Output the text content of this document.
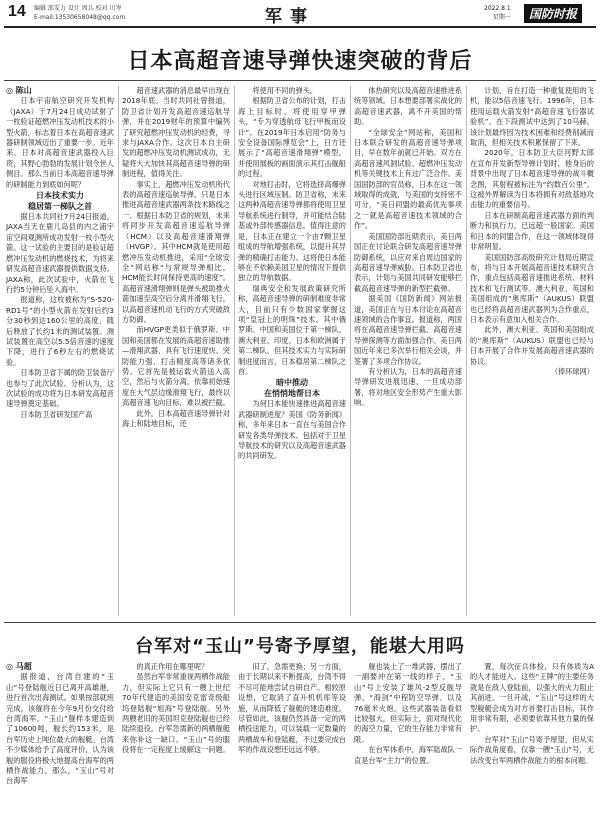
14 编辑 邵雯力 设计 周兵 校对 川岑
E-mail:13530658048@qq.com	军事	2022.8.1
星期一	国防时报
日本高超音速导弹快速突破的背后

◎ 陈山

日本宇宙航空研究开发机构（JAXA）于7月24日成功试射了一枚验证超燃冲压发动机技术的小型火箭，标志着日本在高超音速武器研制领域迈出了重要一步。近年来，日本对高超音速武器投入巨资，其野心勃勃的发展计划令世人侧目。那么当前日本高超音速导弹的研制能力到底如何呢？

日本技术实力
稳居第一梯队之首

据日本共同社7月24日报道，JAXA当天在鹿儿岛县的内之浦宇宙空间观测所成功发射一枚小型火箭。这一试验的主要目的是验证超燃冲压发动机的燃烧技术，为将来研发高超音速武器提供数据支持。JAXA称，此次试验中，火箭在飞行约5分钟后坠入海中。

报道称，这枚被称为“S-520-RD1号”的小型火箭在发射后约3分30秒到达160公里的高度，随后释放了长约1米的测试装置。测试装置在高空以5.5倍音速的速度下降，进行了6秒左右的燃烧试验。

日本防卫省下属的防卫装备厅也参与了此次试验。分析认为，这次试验的成功将为日本研发高超音速导弹奠定基础。

日本防卫省研发国产高

超音速武器的消息最早出现在2018年底。当时共同社曾报道，防卫省计划开发高超音速巡航导弹，并在2019财年的预算中编列了研究超燃冲压发动机的经费，寻求与JAXA合作。这次日本自主研发的超燃冲压发动机测试成功，无疑将大大加快其高超音速导弹的研制进程，值得关注。

事实上，超燃冲压发动机所代表的高超音速巡航导弹，只是日本推进高超音速武器两条技术路线之一。根据日本防卫省的规划，未来将同步开发高超音速巡航导弹（HCM）以及高超音速滑翔弹（HVGP）。其中HCM就是使用超燃冲压发动机推进，采用“全球安全”网站称“与常规导弹相比，HCM能长时间保持更高的速度”。高超音速滑翔弹则是弹头被助推火箭加速至高空后分离并滑翔飞行，以高超音速机动飞行的方式突破敌方防御。

而HVGP更类似于俄罗斯、中国和美国都在发展的高超音速助推—滑翔武器，具有飞行速度快、突防能力强、打击精度高等诸多优势。它首先是被运载火箭送入高空，然后与火箭分离，依靠初始速度在大气层边缘滑翔飞行，最终以高超音速飞向目标，难以被拦截。

此外，日本高超音速导弹针对海上和陆地目标，还

将使用不同的弹头。

根据防卫省公布的计划，打击海上目标时，将使用穿甲弹头，“专为穿透航母飞行甲板而设计”。在2019年日本启用“防务与安全设备国际博览会”上，日方还展示了“高超音速滑翔弹”模型，并使用展板的画面演示其打击舰船的过程。

对地打击时，它将选择高爆弹头进行区域压制。防卫省称，未来这两种高超音速导弹都将使用卫星导航系统进行制导，并可能结合陆基或外部传感器信息。值得注意的是，日本正在建立一个由7颗卫星组成的导航增强系统，以提升其导弹的精确打击能力。这将使日本能够在不依赖美国卫星的情况下提供独立的导航数据。

瑞典安全和发展政策研究所称，高超音速导弹的研制难度非常大，目前只有少数国家掌握这项“皇冠上的明珠”技术。其中俄罗斯、中国和美国位于第一梯队，澳大利亚、印度、日本和欧洲属于第二梯队。但其技术实力与实际研制进度而言，日本稳居第二梯队之首。

暗中推动
在悄悄地帮日本

为何日本能快速推进高超音速武器研制进度？美国《防务新闻》称，多年来日本一直在与美国合作研发各类导弹技术。包括对于卫星导航技术的研究以及高超音速武器的共同研发。

体热研究以及高超音速推进系统等领域。日本想要部署实战化的高超音速武器，离不开美国的帮助。

“全球安全”网站称，美国和日本联合研发的高超音速导弹项目，早在数年前就已开始。双方在高超音速风洞试验、超燃冲压发动机等关键技术上有过广泛合作。美国国防部的官员称，日本在这一领域取得的成就，与美国的支持密不可分，“美日同盟的最高优先事项之一就是高超音速技术领域的合作”。

美国国防部近期表示，美日两国正在讨论联合研发高超音速导弹防御系统，以应对来自周边国家的高超音速导弹威胁。日本防卫省也表示，计划与美国共同研发能够拦截高超音速导弹的新型拦截弹。

据美国《国防新闻》网站报道，美国正在与日本讨论在高超音速领域的合作事宜。报道称，两国将在高超音速导弹拦截、高超音速导弹探测等方面加强合作。美日两国近年来已多次举行相关会谈，并签署了多项合作协议。

有分析认为，日本的高超音速导弹研发进展迅速，一旦成功部署，将对地区安全形势产生重大影响。

计划，旨在打造一种重复使用的飞机，能以5倍音速飞行。1996年，日本使用运载火箭发射“高超音速飞行器试验机”，在下段测试中达到了10马赫。该计划最终因为技术困难和经费削减而取消，但相关技术积累保留了下来。

2020年，日本防卫大臣河野太郎在宣布开发新型导弹计划时，他身后的背景中出现了日本超音速导弹的战斗概念图，其射程被标注为“约数百公里”。这被外界解读为日本将拥有对敌基地攻击能力的重要信号。

日本在研制高超音速武器方面的判断力和执行力，已远超一般国家。美国和日本的同盟合作，在这一领域体现得非常明显。

美国国防部高级研究计划局近期宣布，将与日本开展高超音速技术研究合作，重点包括高超音速推进系统、材料技术和飞行测试等。澳大利亚、英国和美国组成的“奥库斯”（AUKUS）联盟也已经将高超音速武器列为合作重点，日本表示有意加入相关合作。

此外，澳大利亚、英国和美国组成的“奥库斯”（AUKUS）联盟也已经与日本开展了合作并发展高超音速武器的协议。

（捧环球网）

台军对“玉山”号寄予厚望，能堪大用吗

◎ 马超

据报道，台湾自建的“玉山”号登陆舰近日已离开高雄港，进行首次出海测试。如果按部就班完成，该舰将在今年9月份交付给台湾海军。“玉山”舰样本建造到了10600吨，舰长约153米，是台军历史上吨位最大的舰艇。台湾不少媒体给予了高度评价，认为该舰的服役将极大地提高台海军的两栖作战能力。那么，“玉山”号对台海军

的真正作用在哪里呢？

虽然台军非常重视两栖作战能力，但实际上它只有一艘上世纪70年代建造的美国安克雷奇级船坞登陆舰“旭海”号登陆舰。另外两艘老旧的美国坦克登陆舰也已经陆续退役。台军急需新的两栖舰艇来弥补这一缺口。“玉山”号的服役将在一定程度上缓解这一问题。

旧了，急需更换；另一方面，由于长期以来不断提高，台湾不得不尽可能地尝试自研自产。相较原设想，它取消了直升机机库等设施，从而降低了舰艇的建造难度。尽管如此，该舰仍然具备一定的两栖投送能力，可以装载一定数量的两栖战车和登陆艇，不过要完成台军的作战设想还远远不够。

舰也装上了一堆武器，摆出了一副要冲在第一线的样子。“玉山”号上安装了雄风-2型反舰导弹、“海剑”中程防空导弹、以及76毫米火炮。这些武器装备看似比较强大，但实际上，面对现代化的海空力量，它的生存能力非常有限。

在台军体系中，海军陆战队一直是台军“主力”的位置。

置，每次征兵体检，只有体质为A的人才能进入。这些“王牌”的主要任务就是在敌人登陆前，以强大的火力阻止其前进。一旦开战，“玉山”号这样的大型舰艇会成为对方首要打击目标，其作用非常有限，必须要依靠其他力量的保护。

台军对“玉山”号寄予厚望，但从实际作战角度看，仅靠一艘“玉山”号，无法改变台军两栖作战能力的根本问题。
